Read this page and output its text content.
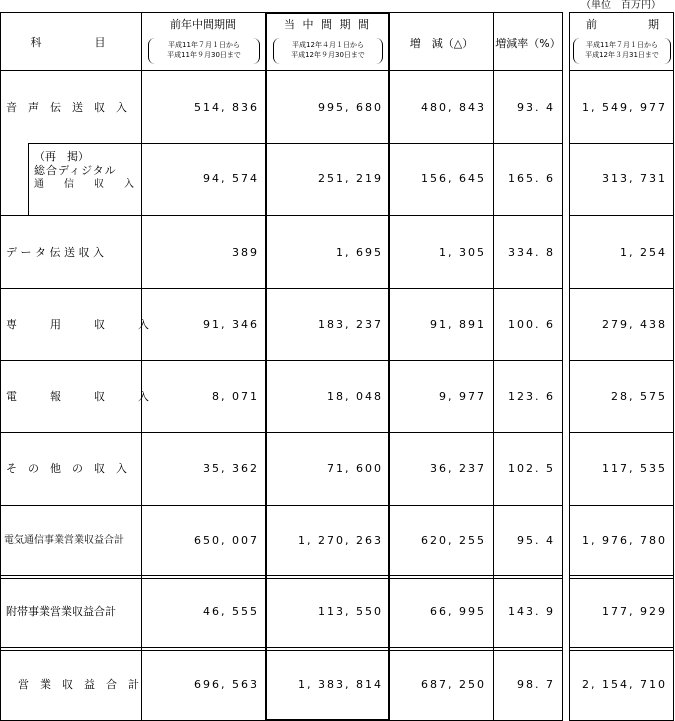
（単位　百万円）
科　　　目
前年中間期間
平成11年７月１日から
平成11年９月30日まで
当 中 間 期 間
平成12年４月１日から
平成12年９月30日まで
増　減（△）	増減率（%）
前	期
平成11年７月１日から
平成12年３月31日まで
音　声　伝　送　収　入	514, 836	995, 680	480, 843	93. 4	1, 549, 977
（再　掲）
総合ディジタル
通　　信　　収　　入	94, 574	251, 219	156, 645	165. 6	313, 731
デ ー タ 伝 送 収 入	389	1, 695	1, 305	334. 8	1, 254
専　　　用　　　収　　　入	91, 346	183, 237	91, 891	100. 6	279, 438
電　　　報　　　収　　　入	8, 071	18, 048	9, 977	123. 6	28, 575
そ　の　他　の　収　入	35, 362	71, 600	36, 237	102. 5	117, 535
電気通信事業営業収益合計	650, 007	1, 270, 263	620, 255	95. 4	1, 976, 780
附帯事業営業収益合計	46, 555	113, 550	66, 995	143. 9	177, 929
営　業　収　益　合　計	696, 563	1, 383, 814	687, 250	98. 7	2, 154, 710
